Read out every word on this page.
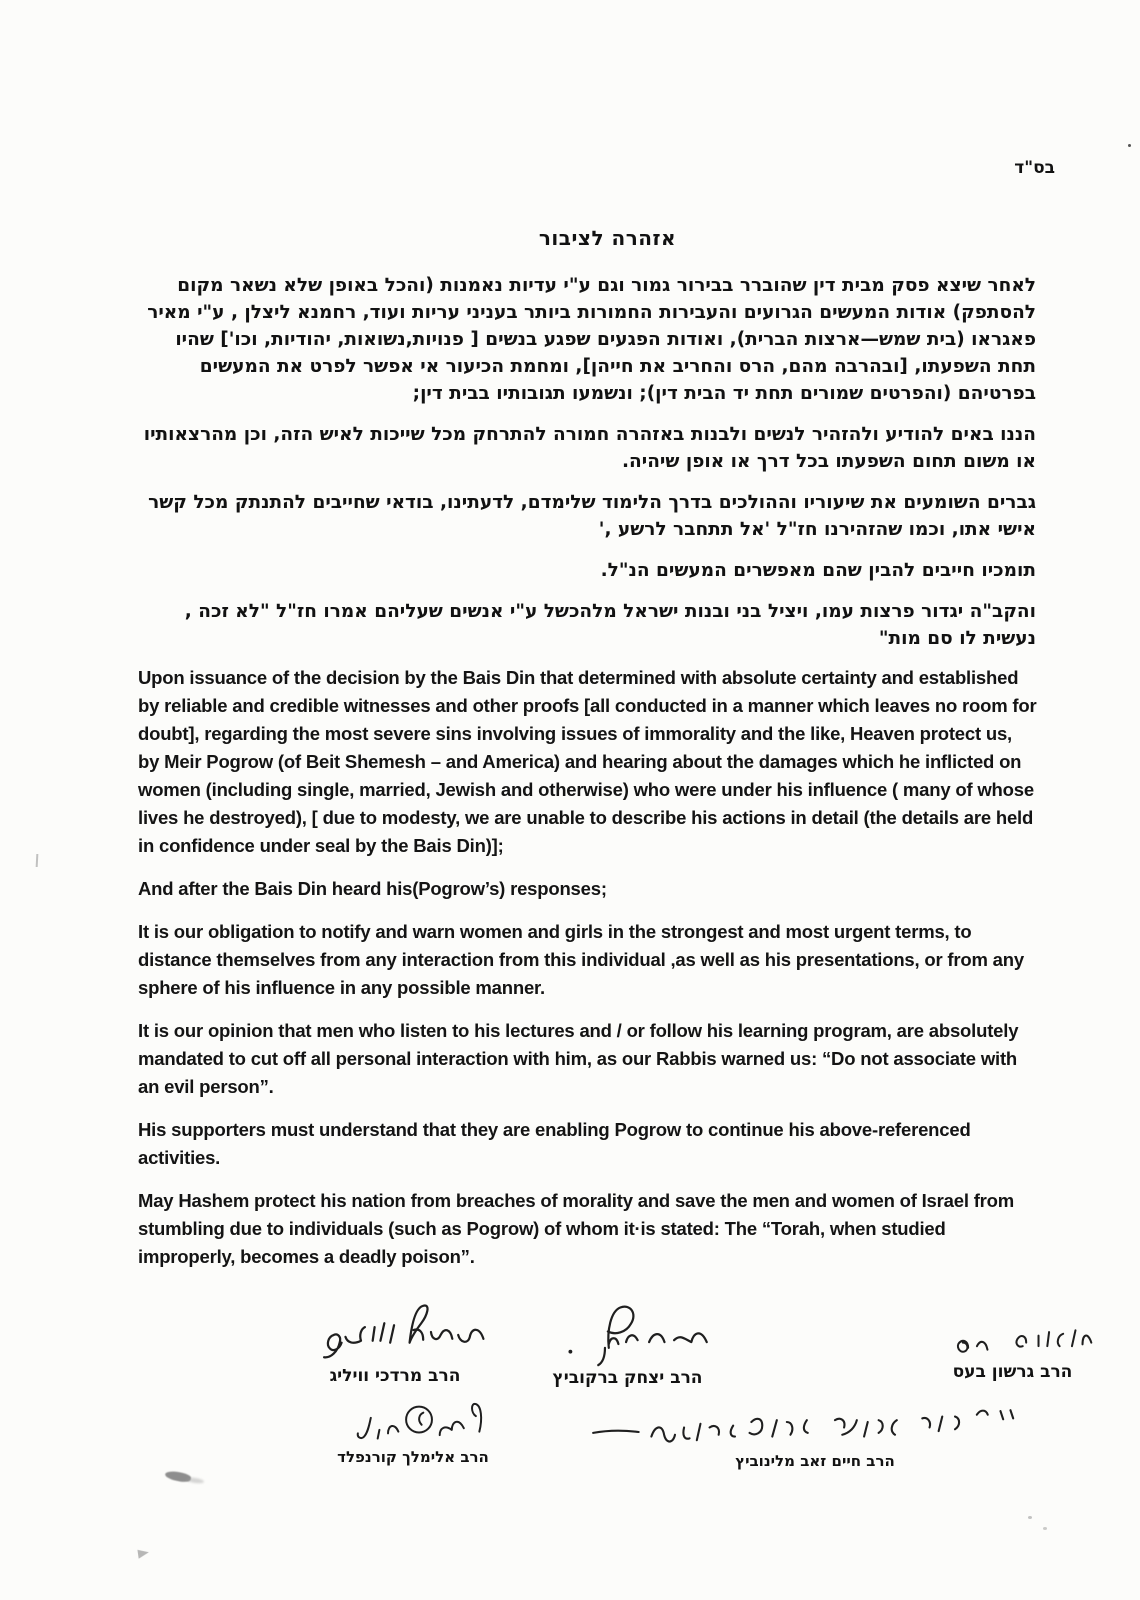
בס"ד
אזהרה לציבור

לאחר שיצא פסק מבית דין שהוברר בבירור גמור וגם ע"י עדיות נאמנות (והכל באופן שלא נשאר מקום להסתפק) אודות המעשים הגרועים והעבירות החמורות ביותר בעניני עריות ועוד, רחמנא ליצלן , ע"י מאיר פאגראו (בית שמש—ארצות הברית), ואודות הפגעים שפגע בנשים [ פנויות,נשואות, יהודיות, וכו'] שהיו תחת השפעתו, [ובהרבה מהם, הרס והחריב את חייהן], ומחמת הכיעור אי אפשר לפרט את המעשים בפרטיהם (והפרטים שמורים תחת יד הבית דין); ונשמעו תגובותיו בבית דין;

הננו באים להודיע ולהזהיר לנשים ולבנות באזהרה חמורה להתרחק מכל שייכות לאיש הזה, וכן מהרצאותיו או משום תחום השפעתו בכל דרך או אופן שיהיה.

גברים השומעים את שיעוריו וההולכים בדרך הלימוד שלימדם, לדעתינו, בודאי שחייבים להתנתק מכל קשר אישי אתו, וכמו שהזהירנו חז"ל 'אל תתחבר לרשע ,'

תומכיו חייבים להבין שהם מאפשרים המעשים הנ"ל.

והקב"ה יגדור פרצות עמו, ויציל בני ובנות ישראל מלהכשל ע"י אנשים שעליהם אמרו חז"ל "לא זכה , נעשית לו סם מות"

Upon issuance of the decision by the Bais Din that determined with absolute certainty and established by reliable and credible witnesses and other proofs [all conducted in a manner which leaves no room for doubt], regarding the most severe sins involving issues of immorality and the like, Heaven protect us, by Meir Pogrow (of Beit Shemesh – and America) and hearing about the damages which he inflicted on women (including single, married, Jewish and otherwise) who were under his influence ( many of whose lives he destroyed), [ due to modesty, we are unable to describe his actions in detail (the details are held in confidence under seal by the Bais Din)];

And after the Bais Din heard his(Pogrow’s) responses;

It is our obligation to notify and warn women and girls in the strongest and most urgent terms, to distance themselves from any interaction from this individual ,as well as his presentations, or from any sphere of his influence in any possible manner.

It is our opinion that men who listen to his lectures and / or follow his learning program, are absolutely mandated to cut off all personal interaction with him, as our Rabbis warned us: “Do not associate with an evil person”.

His supporters must understand that they are enabling Pogrow to continue his above-referenced activities.

May Hashem protect his nation from breaches of morality and save the men and women of Israel from stumbling due to individuals (such as Pogrow) of whom it·is stated: The “Torah, when studied improperly, becomes a deadly poison”.

הרב מרדכי וויליג	הרב יצחק ברקוביץ	הרב גרשון בעס
הרב אלימלך קורנפלד	הרב חיים זאב מלינוביץ
